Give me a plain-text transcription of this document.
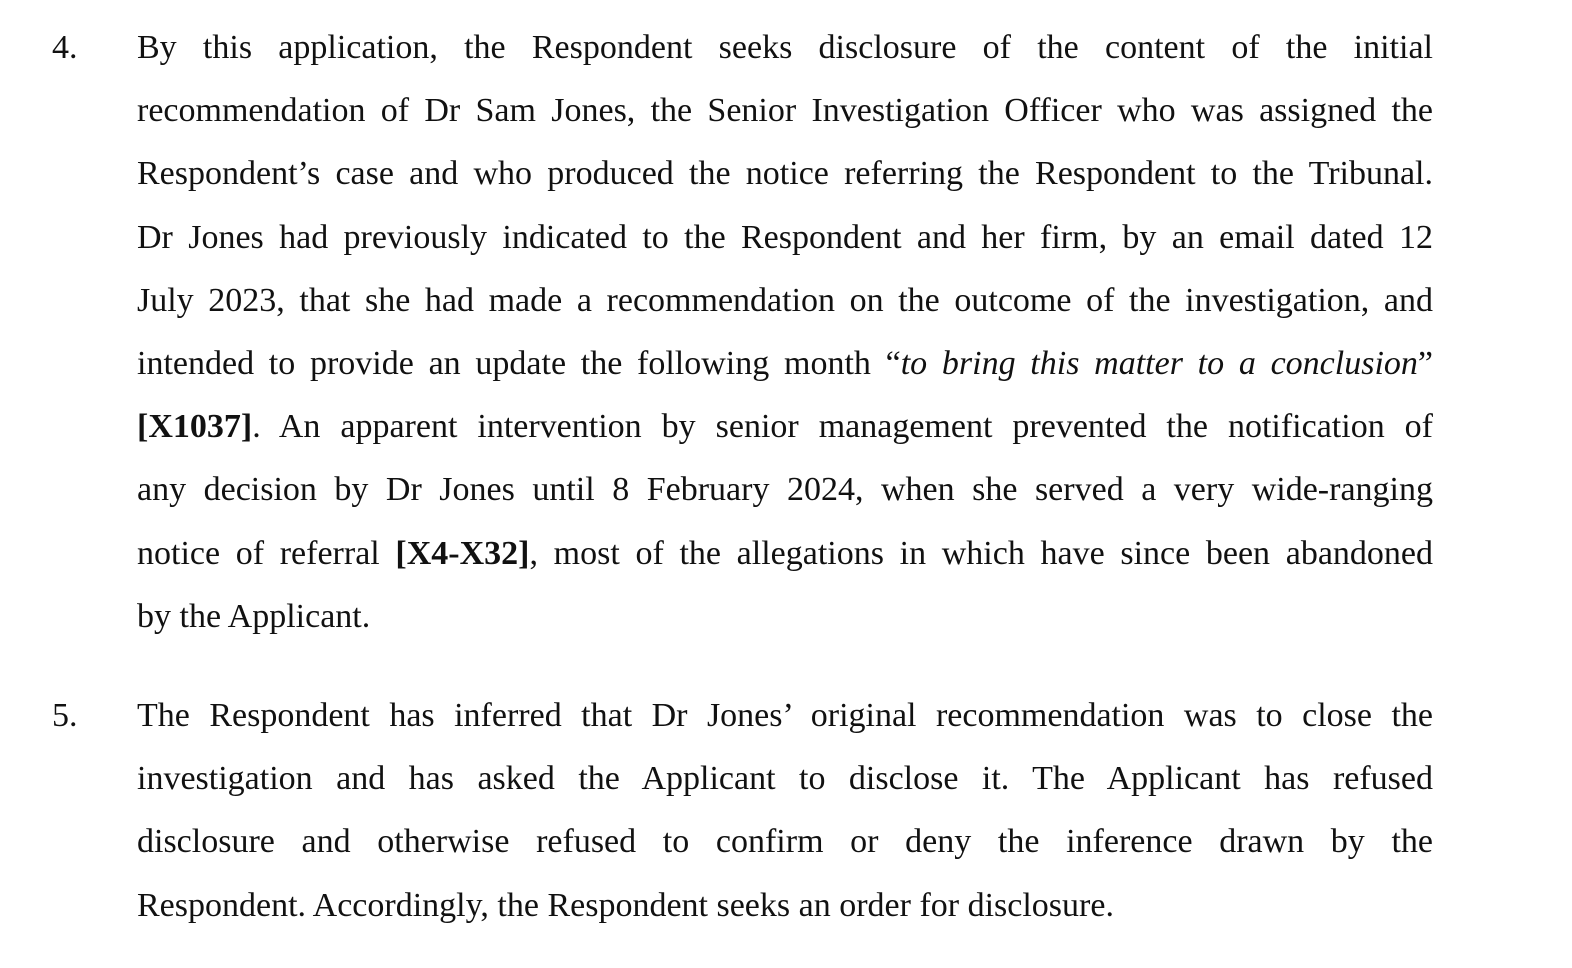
4. By this application, the Respondent seeks disclosure of the content of the initial
recommendation of Dr Sam Jones, the Senior Investigation Officer who was assigned the
Respondent’s case and who produced the notice referring the Respondent to the Tribunal.
Dr Jones had previously indicated to the Respondent and her firm, by an email dated 12
July 2023, that she had made a recommendation on the outcome of the investigation, and
intended to provide an update the following month “to bring this matter to a conclusion”
[X1037]. An apparent intervention by senior management prevented the notification of
any decision by Dr Jones until 8 February 2024, when she served a very wide-ranging
notice of referral [X4-X32], most of the allegations in which have since been abandoned
by the Applicant.
5. The Respondent has inferred that Dr Jones’ original recommendation was to close the
investigation and has asked the Applicant to disclose it. The Applicant has refused
disclosure and otherwise refused to confirm or deny the inference drawn by the
Respondent. Accordingly, the Respondent seeks an order for disclosure.
